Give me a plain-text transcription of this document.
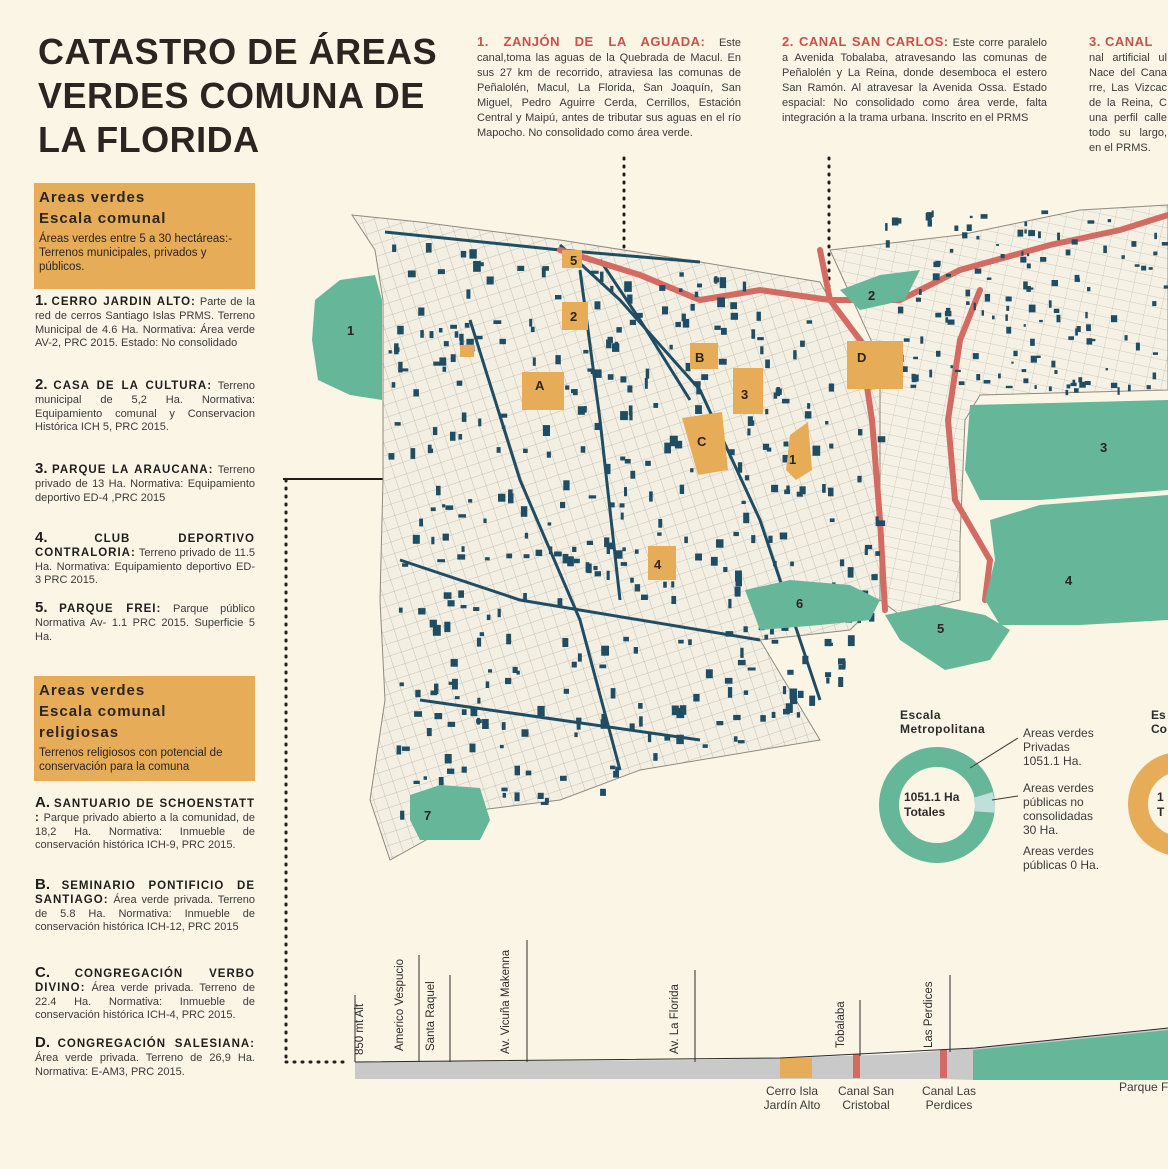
CATASTRO DE ÁREAS VERDES COMUNA DE LA FLORIDA
Areas verdes
Escala comunal
Áreas verdes entre 5 a 30 hectáreas:- Terrenos municipales, privados y públicos.
1. CERRO JARDIN ALTO: Parte de la red de cerros Santiago Islas PRMS. Terreno Municipal de 4.6 Ha. Normativa: Área verde AV-2, PRC 2015. Estado: No consolidado
2. CASA DE LA CULTURA: Terreno municipal de 5,2 Ha. Normativa: Equipamiento comunal y Conservacion Histórica ICH 5, PRC 2015.
3. PARQUE LA ARAUCANA: Terreno privado de 13 Ha. Normativa: Equipamiento deportivo ED-4 ,PRC 2015
4.	CLUB DEPORTIVO CONTRALORIA: Terreno privado de 11.5 Ha. Normativa: Equipamiento deportivo ED-3 PRC 2015.
5. PARQUE FREI: Parque público Normativa Av- 1.1 PRC 2015. Superficie 5 Ha.
Areas verdes
Escala comunal religiosas
Terrenos religiosos con potencial de conservación para la comuna
A. SANTUARIO DE SCHOENSTATT : Parque privado abierto a la comunidad, de 18,2 Ha. Normativa: Inmueble de conservación histórica ICH-9, PRC 2015.
B. SEMINARIO PONTIFICIO DE SANTIAGO: Área verde privada. Terreno de 5.8 Ha. Normativa: Inmueble de conservación histórica ICH-12, PRC 2015
C. CONGREGACIÓN VERBO DIVINO: Área verde privada. Terreno de 22.4 Ha. Normativa: Inmueble de conservación histórica ICH-4, PRC 2015.
D. CONGREGACIÓN SALESIANA: Área verde privada. Terreno de 26,9 Ha. Normativa: E-AM3, PRC 2015.
1. ZANJÓN DE LA AGUADA: Este canal,toma las aguas de la Quebrada de Macul. En sus 27 km de recorrido, atraviesa las comunas de Peñalolén, Macul, La Florida, San Joaquín, San Miguel, Pedro Aguirre Cerda, Cerrillos, Estación Central y Maipú, antes de tributar sus aguas en el río Mapocho. No consolidado como área verde.
2. CANAL SAN CARLOS: Este corre paralelo a Avenida Tobalaba, atravesando las comunas de Peñalolén y La Reina, donde desemboca el estero San Ramón. Al atravesar la Avenida Ossa. Estado espacial: No consolidado como área verde, falta integración a la trama urbana. Inscrito en el PRMS
3. CANAL
nal artificial ul Nace del Cana rre, Las Vizcac de la Reina, C una perfil calle todo su largo, en el PRMS.
1
2
3
4
5
6
7
A
B
C
D
1
2
3
4
5
Escala Metropolitana
1051.1 Ha
Totales
Areas verdes Privadas 1051.1 Ha.
Areas verdes públicas no consolidadas 30 Ha.
Areas verdes públicas 0 Ha.
Es Co
1 T
850 mt Alt Americo Vespucio Santa Raquel	Av. Vicuña Makenna	Av. La Florida	Tobalaba	Las Perdices
Cerro Isla Jardín Alto
Canal San Cristobal
Canal Las Perdices
Parque F
